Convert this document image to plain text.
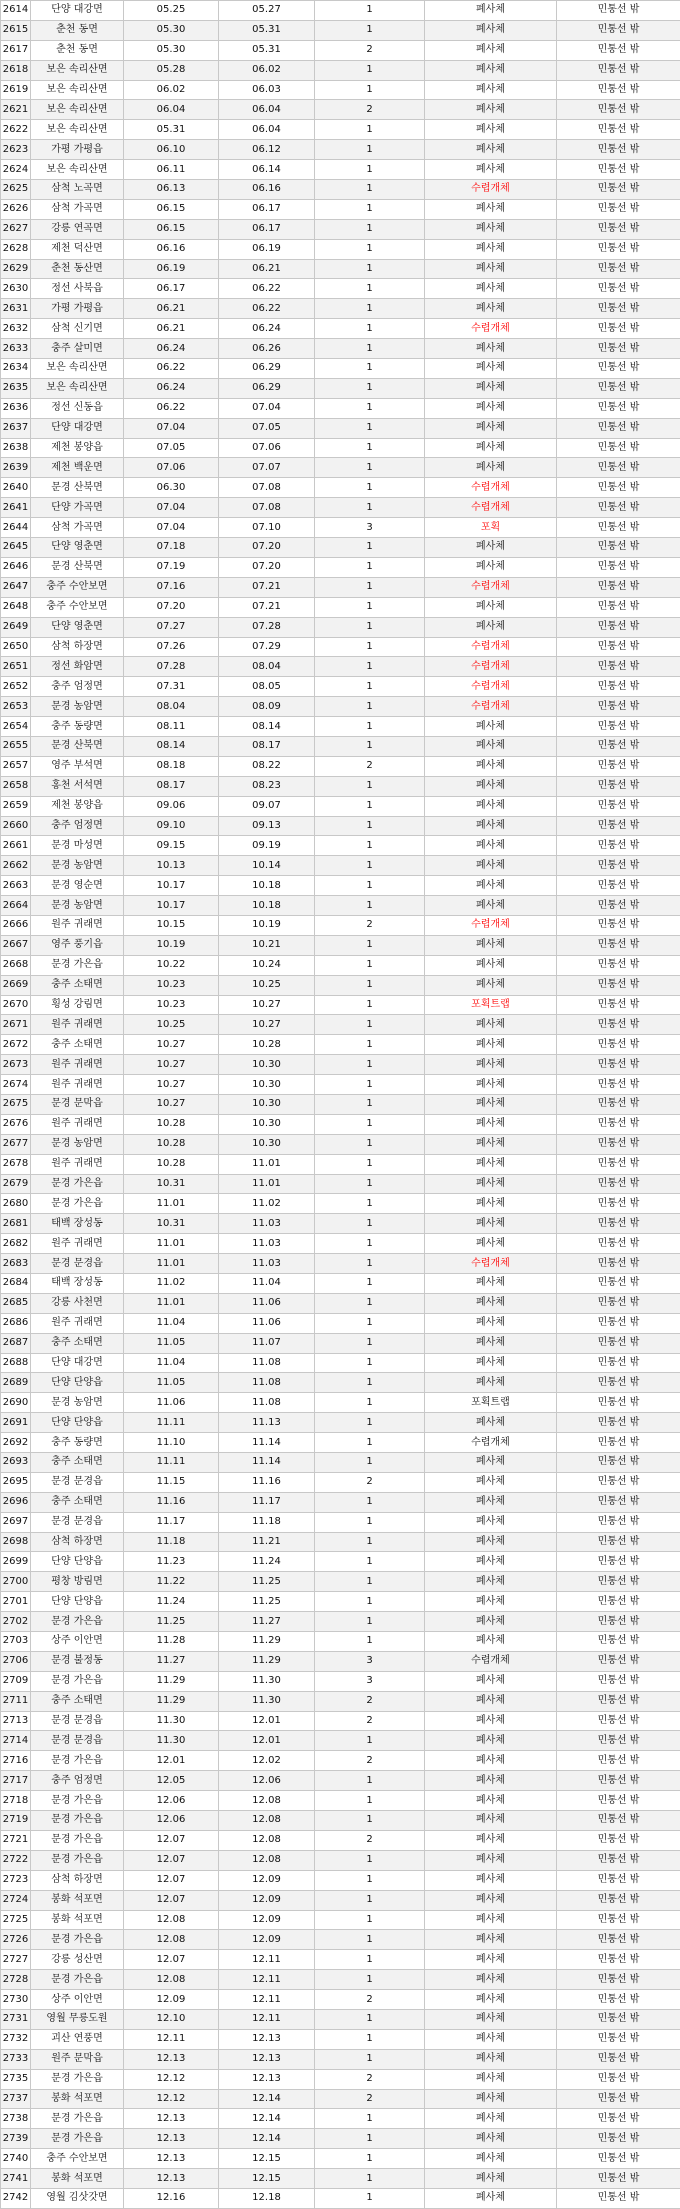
2614	단양 대강면	05.25	05.27	1	폐사체	민통선 밖
2615	춘천 동면	05.30	05.31	1	폐사체	민통선 밖
2617	춘천 동면	05.30	05.31	2	폐사체	민통선 밖
2618	보은 속리산면	05.28	06.02	1	폐사체	민통선 밖
2619	보은 속리산면	06.02	06.03	1	폐사체	민통선 밖
2621	보은 속리산면	06.04	06.04	2	폐사체	민통선 밖
2622	보은 속리산면	05.31	06.04	1	폐사체	민통선 밖
2623	가평 가평읍	06.10	06.12	1	폐사체	민통선 밖
2624	보은 속리산면	06.11	06.14	1	폐사체	민통선 밖
2625	삼척 노곡면	06.13	06.16	1	수렵개체	민통선 밖
2626	삼척 가곡면	06.15	06.17	1	폐사체	민통선 밖
2627	강릉 연곡면	06.15	06.17	1	폐사체	민통선 밖
2628	제천 덕산면	06.16	06.19	1	폐사체	민통선 밖
2629	춘천 동산면	06.19	06.21	1	폐사체	민통선 밖
2630	정선 사북읍	06.17	06.22	1	폐사체	민통선 밖
2631	가평 가평읍	06.21	06.22	1	폐사체	민통선 밖
2632	삼척 신기면	06.21	06.24	1	수렵개체	민통선 밖
2633	충주 살미면	06.24	06.26	1	폐사체	민통선 밖
2634	보은 속리산면	06.22	06.29	1	폐사체	민통선 밖
2635	보은 속리산면	06.24	06.29	1	폐사체	민통선 밖
2636	정선 신동읍	06.22	07.04	1	폐사체	민통선 밖
2637	단양 대강면	07.04	07.05	1	폐사체	민통선 밖
2638	제천 봉양읍	07.05	07.06	1	폐사체	민통선 밖
2639	제천 백운면	07.06	07.07	1	폐사체	민통선 밖
2640	문경 산북면	06.30	07.08	1	수렵개체	민통선 밖
2641	단양 가곡면	07.04	07.08	1	수렵개체	민통선 밖
2644	삼척 가곡면	07.04	07.10	3	포획	민통선 밖
2645	단양 영춘면	07.18	07.20	1	폐사체	민통선 밖
2646	문경 산북면	07.19	07.20	1	폐사체	민통선 밖
2647	충주 수안보면	07.16	07.21	1	수렵개체	민통선 밖
2648	충주 수안보면	07.20	07.21	1	폐사체	민통선 밖
2649	단양 영춘면	07.27	07.28	1	폐사체	민통선 밖
2650	삼척 하장면	07.26	07.29	1	수렵개체	민통선 밖
2651	정선 화암면	07.28	08.04	1	수렵개체	민통선 밖
2652	충주 엄정면	07.31	08.05	1	수렵개체	민통선 밖
2653	문경 농암면	08.04	08.09	1	수렵개체	민통선 밖
2654	충주 동량면	08.11	08.14	1	폐사체	민통선 밖
2655	문경 산북면	08.14	08.17	1	폐사체	민통선 밖
2657	영주 부석면	08.18	08.22	2	폐사체	민통선 밖
2658	홍천 서석면	08.17	08.23	1	폐사체	민통선 밖
2659	제천 봉양읍	09.06	09.07	1	폐사체	민통선 밖
2660	충주 엄정면	09.10	09.13	1	폐사체	민통선 밖
2661	문경 마성면	09.15	09.19	1	폐사체	민통선 밖
2662	문경 농암면	10.13	10.14	1	폐사체	민통선 밖
2663	문경 영순면	10.17	10.18	1	폐사체	민통선 밖
2664	문경 농암면	10.17	10.18	1	폐사체	민통선 밖
2666	원주 귀래면	10.15	10.19	2	수렵개체	민통선 밖
2667	영주 풍기읍	10.19	10.21	1	폐사체	민통선 밖
2668	문경 가은읍	10.22	10.24	1	폐사체	민통선 밖
2669	충주 소태면	10.23	10.25	1	폐사체	민통선 밖
2670	횡성 강림면	10.23	10.27	1	포획트랩	민통선 밖
2671	원주 귀래면	10.25	10.27	1	폐사체	민통선 밖
2672	충주 소태면	10.27	10.28	1	폐사체	민통선 밖
2673	원주 귀래면	10.27	10.30	1	폐사체	민통선 밖
2674	원주 귀래면	10.27	10.30	1	폐사체	민통선 밖
2675	문경 문막읍	10.27	10.30	1	폐사체	민통선 밖
2676	원주 귀래면	10.28	10.30	1	폐사체	민통선 밖
2677	문경 농암면	10.28	10.30	1	폐사체	민통선 밖
2678	원주 귀래면	10.28	11.01	1	폐사체	민통선 밖
2679	문경 가은읍	10.31	11.01	1	폐사체	민통선 밖
2680	문경 가은읍	11.01	11.02	1	폐사체	민통선 밖
2681	태백 장성동	10.31	11.03	1	폐사체	민통선 밖
2682	원주 귀래면	11.01	11.03	1	폐사체	민통선 밖
2683	문경 문경읍	11.01	11.03	1	수렵개체	민통선 밖
2684	태백 장성동	11.02	11.04	1	폐사체	민통선 밖
2685	강릉 사천면	11.01	11.06	1	폐사체	민통선 밖
2686	원주 귀래면	11.04	11.06	1	폐사체	민통선 밖
2687	충주 소태면	11.05	11.07	1	폐사체	민통선 밖
2688	단양 대강면	11.04	11.08	1	폐사체	민통선 밖
2689	단양 단양읍	11.05	11.08	1	폐사체	민통선 밖
2690	문경 농암면	11.06	11.08	1	포획트랩	민통선 밖
2691	단양 단양읍	11.11	11.13	1	폐사체	민통선 밖
2692	충주 동량면	11.10	11.14	1	수렵개체	민통선 밖
2693	충주 소태면	11.11	11.14	1	폐사체	민통선 밖
2695	문경 문경읍	11.15	11.16	2	폐사체	민통선 밖
2696	충주 소태면	11.16	11.17	1	폐사체	민통선 밖
2697	문경 문경읍	11.17	11.18	1	폐사체	민통선 밖
2698	삼척 하장면	11.18	11.21	1	폐사체	민통선 밖
2699	단양 단양읍	11.23	11.24	1	폐사체	민통선 밖
2700	평창 방림면	11.22	11.25	1	폐사체	민통선 밖
2701	단양 단양읍	11.24	11.25	1	폐사체	민통선 밖
2702	문경 가은읍	11.25	11.27	1	폐사체	민통선 밖
2703	상주 이안면	11.28	11.29	1	폐사체	민통선 밖
2706	문경 불정동	11.27	11.29	3	수렵개체	민통선 밖
2709	문경 가은읍	11.29	11.30	3	폐사체	민통선 밖
2711	충주 소태면	11.29	11.30	2	폐사체	민통선 밖
2713	문경 문경읍	11.30	12.01	2	폐사체	민통선 밖
2714	문경 문경읍	11.30	12.01	1	폐사체	민통선 밖
2716	문경 가은읍	12.01	12.02	2	폐사체	민통선 밖
2717	충주 엄정면	12.05	12.06	1	폐사체	민통선 밖
2718	문경 가은읍	12.06	12.08	1	폐사체	민통선 밖
2719	문경 가은읍	12.06	12.08	1	폐사체	민통선 밖
2721	문경 가은읍	12.07	12.08	2	폐사체	민통선 밖
2722	문경 가은읍	12.07	12.08	1	폐사체	민통선 밖
2723	삼척 하장면	12.07	12.09	1	폐사체	민통선 밖
2724	봉화 석포면	12.07	12.09	1	폐사체	민통선 밖
2725	봉화 석포면	12.08	12.09	1	폐사체	민통선 밖
2726	문경 가은읍	12.08	12.09	1	폐사체	민통선 밖
2727	강릉 성산면	12.07	12.11	1	폐사체	민통선 밖
2728	문경 가은읍	12.08	12.11	1	폐사체	민통선 밖
2730	상주 이안면	12.09	12.11	2	폐사체	민통선 밖
2731	영월 무릉도원	12.10	12.11	1	폐사체	민통선 밖
2732	괴산 연풍면	12.11	12.13	1	폐사체	민통선 밖
2733	원주 문막읍	12.13	12.13	1	폐사체	민통선 밖
2735	문경 가은읍	12.12	12.13	2	폐사체	민통선 밖
2737	봉화 석포면	12.12	12.14	2	폐사체	민통선 밖
2738	문경 가은읍	12.13	12.14	1	폐사체	민통선 밖
2739	문경 가은읍	12.13	12.14	1	폐사체	민통선 밖
2740	충주 수안보면	12.13	12.15	1	폐사체	민통선 밖
2741	봉화 석포면	12.13	12.15	1	폐사체	민통선 밖
2742	영월 김삿갓면	12.16	12.18	1	폐사체	민통선 밖
